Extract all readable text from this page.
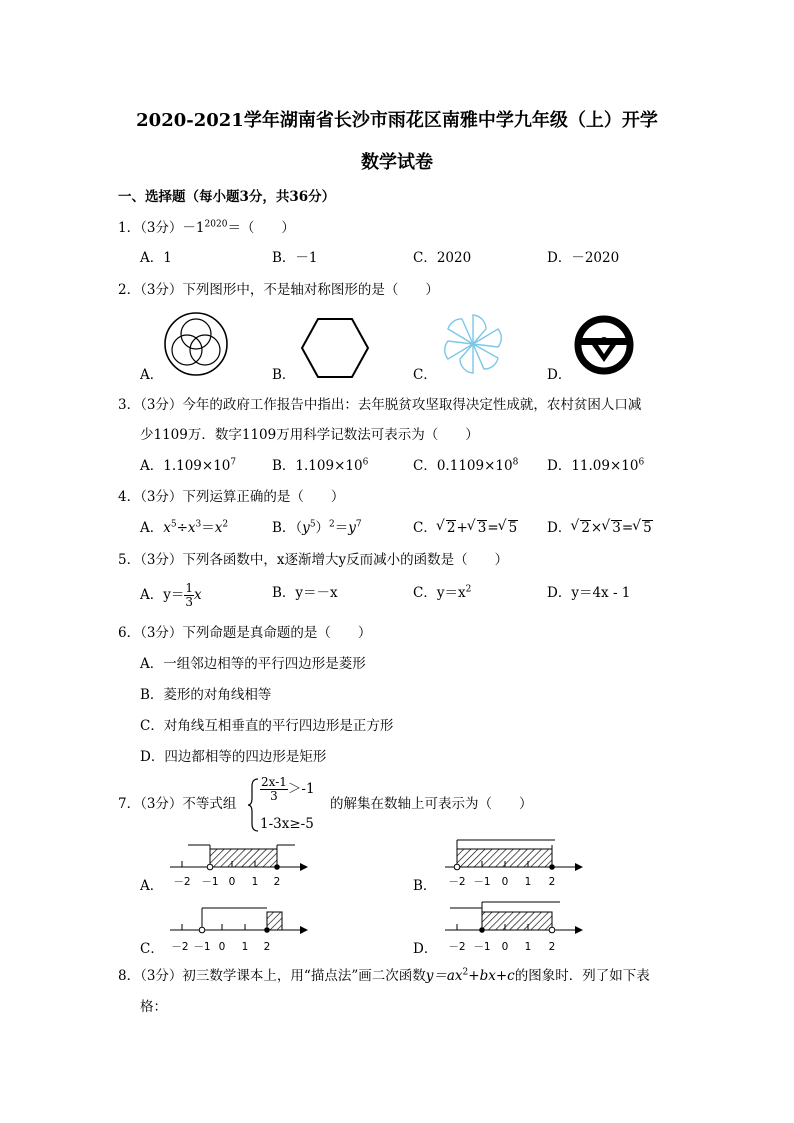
2020-2021学年湖南省长沙市雨花区南雅中学九年级（上）开学
数学试卷
一、选择题（每小题3分，共36分）
1．（3分）$-1^{2020}=$（　　）
A．1	B．－1	C．2020	D．－2020
2．（3分）下列图形中，不是轴对称图形的是（　　）
A．	B．	C．	D．
3．（3分）今年的政府工作报告中指出：去年脱贫攻坚取得决定性成就，农村贫困人口减
少1109万．数字1109万用科学记数法可表示为（　　）
A．$1.109\times 10^7$	B．$1.109\times 10^6$	C．$0.1109\times 10^8$ D．$11.09\times 10^6$
4．（3分）下列运算正确的是（　　）
A．$x^5\div x^3=x^2$	B．$(y^5)^2=y^7$	C． √ 2+ √ 3= √ 5 D． √ 2× √ 3= √ 5
5．（3分）下列各函数中，x逐渐增大y反而减小的函数是（　　）
A．$y= \frac{1}{3}$ x	B．y＝－x	C．$y=x^2$	D．y＝4x - 1
6．（3分）下列命题是真命题的是（　　）
A．一组邻边相等的平行四边形是菱形
B．菱形的对角线相等
C．对角线互相垂直的平行四边形是正方形
D．四边都相等的四边形是矩形
7．（3分）不等式组
$\frac{2x-1}{3} >-1$
1-3x≥-5
的解集在数轴上可表示为（　　）
－2 －1 0 1 2
A．	－2 －1 0 1 2
B．
－2 －1 0 1 2
C．	－2 －1 0 1 2
D．
8．（3分）初三数学课本上，用“描点法”画二次函数$y=ax^2+bx+c$的图象时．列了如下表
格：
